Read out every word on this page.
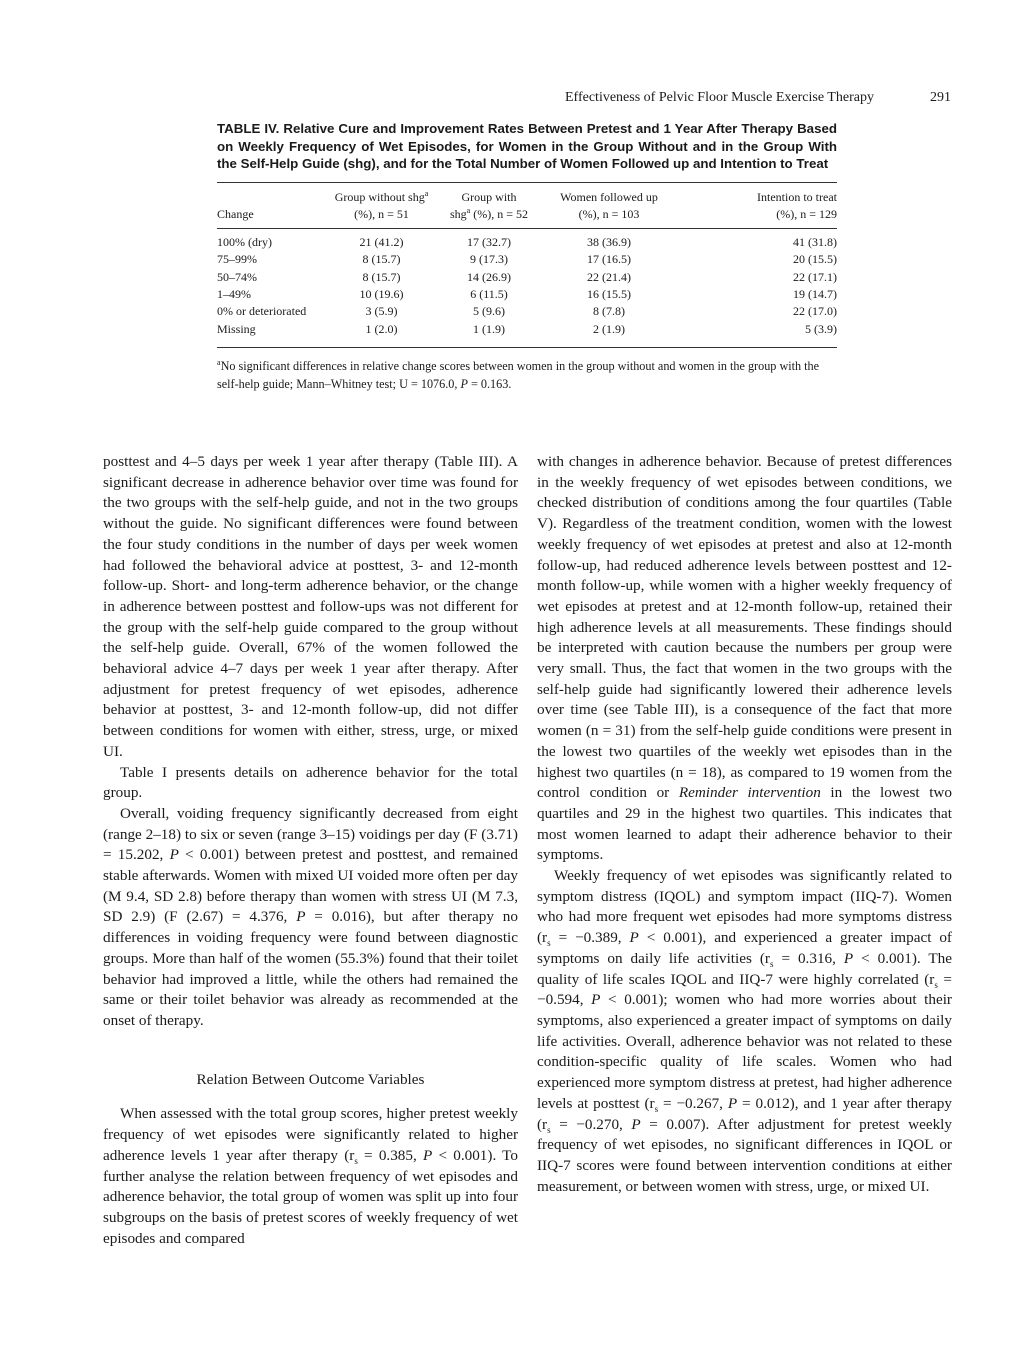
Effectiveness of Pelvic Floor Muscle Exercise Therapy	291

TABLE IV. Relative Cure and Improvement Rates Between Pretest and 1 Year After Therapy Based on Weekly Frequency of Wet Episodes, for Women in the Group Without and in the Group With the Self-Help Guide (shg), and for the Total Number of Women Followed up and Intention to Treat

	Group without shg$^a$	Group with	Women followed up	Intention to treat
Change	(%), n = 51	shg$^a$ (%), n = 52	(%), n = 103	(%), n = 129
100% (dry)	21 (41.2)	17 (32.7)	38 (36.9)	41 (31.8)
75–99%	8 (15.7)	9 (17.3)	17 (16.5)	20 (15.5)
50–74%	8 (15.7)	14 (26.9)	22 (21.4)	22 (17.1)
1–49%	10 (19.6)	6 (11.5)	16 (15.5)	19 (14.7)
0% or deteriorated	3 (5.9)	5 (9.6)	8 (7.8)	22 (17.0)
Missing	1 (2.0)	1 (1.9)	2 (1.9)	5 (3.9)
$^a$No significant differences in relative change scores between women in the group without and women in the group with the self-help guide; Mann–Whitney test; U = 1076.0, P = 0.163.

posttest and 4–5 days per week 1 year after therapy (Table III). A significant decrease in adherence behavior over time was found for the two groups with the self-help guide, and not in the two groups without the guide. No significant differences were found between the four study conditions in the number of days per week women had followed the behavioral advice at posttest, 3- and 12-month follow-up. Short- and long-term adherence behavior, or the change in adherence between posttest and follow-ups was not different for the group with the self-help guide compared to the group without the self-help guide. Overall, 67% of the women followed the behavioral advice 4–7 days per week 1 year after therapy. After adjustment for pretest frequency of wet episodes, adherence behavior at posttest, 3- and 12-month follow-up, did not differ between conditions for women with either, stress, urge, or mixed UI.

Table I presents details on adherence behavior for the total group.

Overall, voiding frequency significantly decreased from eight (range 2–18) to six or seven (range 3–15) voidings per day (F (3.71) = 15.202, P < 0.001) between pretest and posttest, and remained stable afterwards. Women with mixed UI voided more often per day (M 9.4, SD 2.8) before therapy than women with stress UI (M 7.3, SD 2.9) (F (2.67) = 4.376, P = 0.016), but after therapy no differences in voiding frequency were found between diagnostic groups. More than half of the women (55.3%) found that their toilet behavior had improved a little, while the others had remained the same or their toilet behavior was already as recommended at the onset of therapy.

Relation Between Outcome Variables

When assessed with the total group scores, higher pretest weekly frequency of wet episodes were significantly related to higher adherence levels 1 year after therapy ($r_s = 0.385$, P < 0.001). To further analyse the relation between frequency of wet episodes and adherence behavior, the total group of women was split up into four subgroups on the basis of pretest scores of weekly frequency of wet episodes and compared

with changes in adherence behavior. Because of pretest differences in the weekly frequency of wet episodes between conditions, we checked distribution of conditions among the four quartiles (Table V). Regardless of the treatment condition, women with the lowest weekly frequency of wet episodes at pretest and also at 12-month follow-up, had reduced adherence levels between posttest and 12-month follow-up, while women with a higher weekly frequency of wet episodes at pretest and at 12-month follow-up, retained their high adherence levels at all measurements. These findings should be interpreted with caution because the numbers per group were very small. Thus, the fact that women in the two groups with the self-help guide had significantly lowered their adherence levels over time (see Table III), is a consequence of the fact that more women (n = 31) from the self-help guide conditions were present in the lowest two quartiles of the weekly wet episodes than in the highest two quartiles (n = 18), as compared to 19 women from the control condition or Reminder intervention in the lowest two quartiles and 29 in the highest two quartiles. This indicates that most women learned to adapt their adherence behavior to their symptoms.

Weekly frequency of wet episodes was significantly related to symptom distress (IQOL) and symptom impact (IIQ-7). Women who had more frequent wet episodes had more symptoms distress ($r_s = -0.389$, P < 0.001), and experienced a greater impact of symptoms on daily life activities ($r_s = 0.316$, P < 0.001). The quality of life scales IQOL and IIQ-7 were highly correlated ($r_s = -0.594$, P < 0.001); women who had more worries about their symptoms, also experienced a greater impact of symptoms on daily life activities. Overall, adherence behavior was not related to these condition-specific quality of life scales. Women who had experienced more symptom distress at pretest, had higher adherence levels at posttest ($r_s = -0.267$, P = 0.012), and 1 year after therapy ($r_s = -0.270$, P = 0.007). After adjustment for pretest weekly frequency of wet episodes, no significant differences in IQOL or IIQ-7 scores were found between intervention conditions at either measurement, or between women with stress, urge, or mixed UI.
